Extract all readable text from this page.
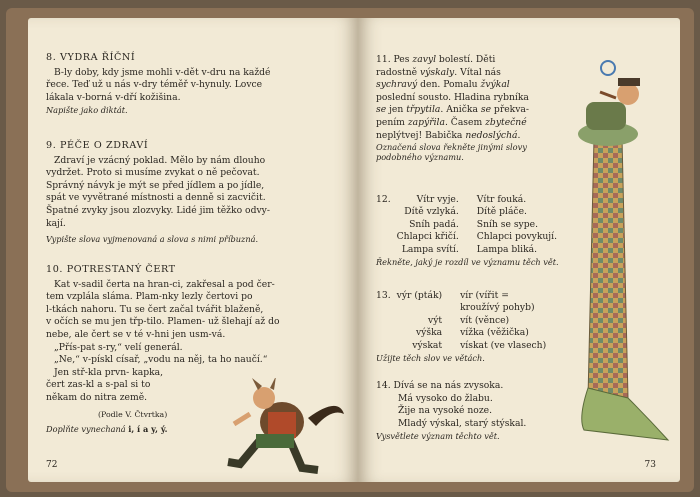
8. VYDRA ŘÍČNÍ
B-ly doby, kdy jsme mohli v-dět v-dru na každé
řece. Teď už u nás v-dry téměř v-hynuly. Lovce
lákala v-borná v-dří kožišina.
Napište jako diktát.
9. PÉČE O ZDRAVÍ
Zdraví je vzácný poklad. Mělo by nám dlouho
vydržet. Proto si musíme zvykat o ně pečovat.
Správný návyk je mýt se před jídlem a po jídle,
spát ve vyvětrané místnosti a denně si zacvičit.
Špatné zvyky jsou zlozvyky. Lidé jim těžko odvy-
kají.
Vypište slova vyjmenovaná a slova s nimi příbuzná.
10. POTRESTANÝ ČERT
Kat v-sadil čerta na hran-ci, zakřesal a pod čer-
tem vzplála sláma. Plam-nky lezly čertovi po
l-tkách nahoru. Tu se čert začal tvářit blaženě,
v očích se mu jen třp-tilo. Plamen- už šlehají až do
nebe, ale čert se v té v-hni jen usm-vá.
„Přís-pat s-ry,“ velí generál.
„Ne,“ v-pískl císař, „vodu na něj, ta ho naučí.“
Jen stř-kla prvn- kapka,
čert zas-kl a s-pal si to
někam do nitra země.
(Podle V. Čtvrtka)
Doplňte vynechaná i, í a y, ý.
72
11. Pes zavyl bolestí. Děti
radostně výskaly. Vítal nás
sychravý den. Pomalu žvýkal
poslední sousto. Hladina rybníka
se jen třpytila. Anička se překva-
pením zapýřila. Časem zbytečné
neplýtvej! Babička nedoslýchá.
Označená slova řekněte jinými slovy podobného významu.
12.	Vítr vyje.	Vítr fouká.
	Dítě vzlyká.	Dítě pláče.
	Sníh padá.	Sníh se sype.
	Chlapci křičí.	Chlapci povykují.
	Lampa svítí.	Lampa bliká.
Řekněte, jaký je rozdíl ve významu těch vět.
13.	výr (pták)	vír (vířit =
		kroužívý pohyb)
	výt	vít (věnce)
	výška	vížka (věžička)
	výskat	vískat (ve vlasech)
Užijte těch slov ve větách.
14. Dívá se na nás zvysoka.
Má vysoko do žlabu.
Žije na vysoké noze.
Mladý výskal, starý stýskal.
Vysvětlete význam těchto vět.
73
